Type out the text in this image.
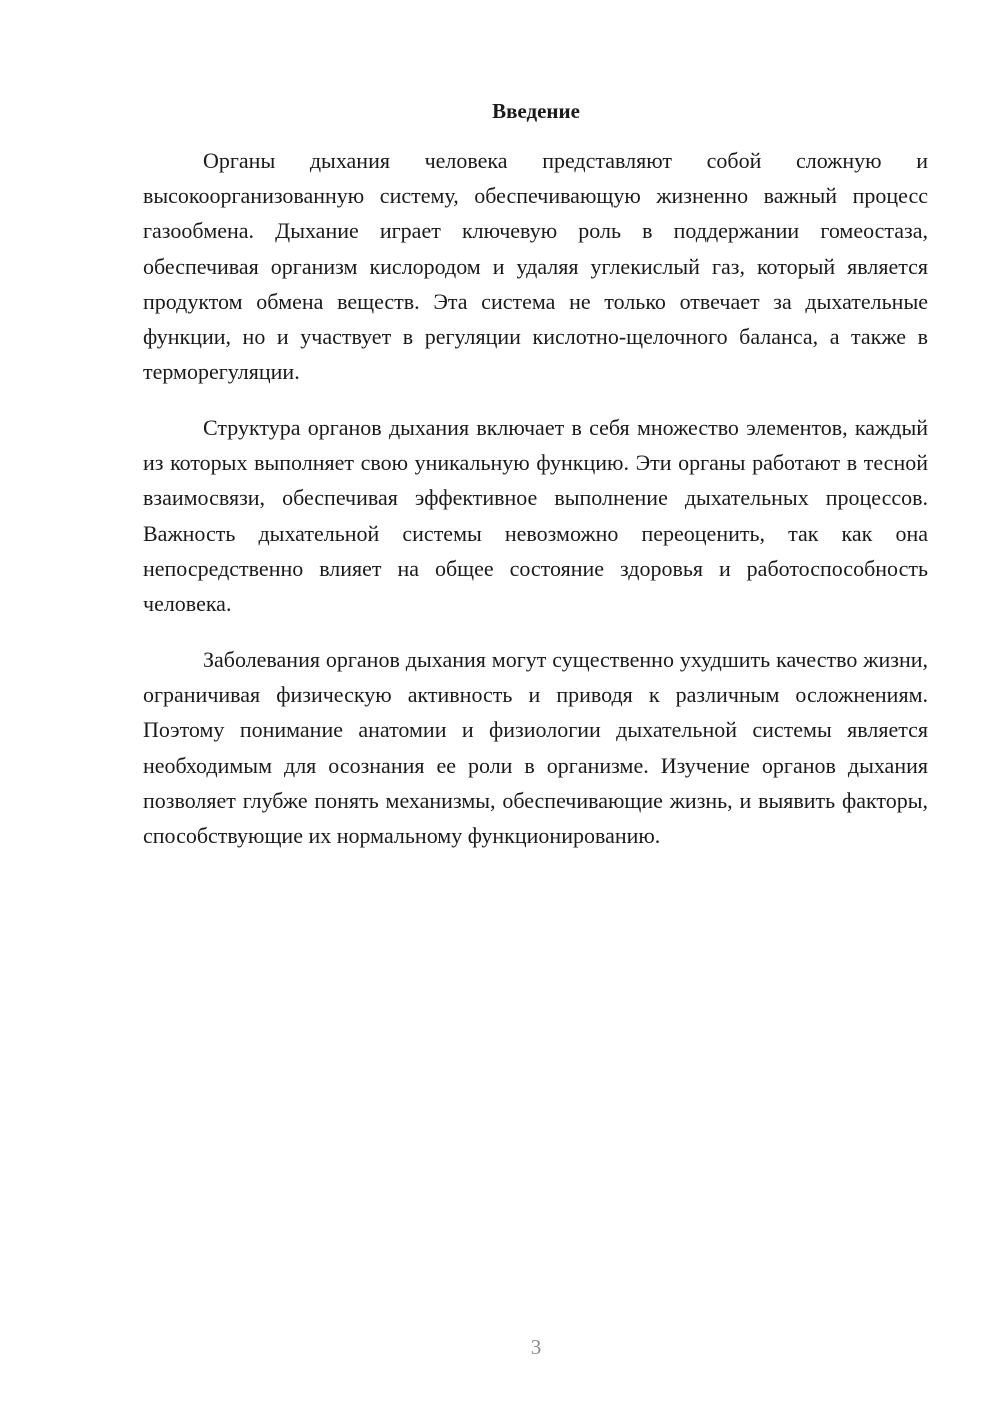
Введение

Органы дыхания человека представляют собой сложную и высокоорганизованную систему, обеспечивающую жизненно важный процесс газообмена. Дыхание играет ключевую роль в поддержании гомеостаза, обеспечивая организм кислородом и удаляя углекислый газ, который является продуктом обмена веществ. Эта система не только отвечает за дыхательные функции, но и участвует в регуляции кислотно-щелочного баланса, а также в терморегуляции.

Структура органов дыхания включает в себя множество элементов, каждый из которых выполняет свою уникальную функцию. Эти органы работают в тесной взаимосвязи, обеспечивая эффективное выполнение дыхательных процессов. Важность дыхательной системы невозможно переоценить, так как она непосредственно влияет на общее состояние здоровья и работоспособность человека.

Заболевания органов дыхания могут существенно ухудшить качество жизни, ограничивая физическую активность и приводя к различным осложнениям. Поэтому понимание анатомии и физиологии дыхательной системы является необходимым для осознания ее роли в организме. Изучение органов дыхания позволяет глубже понять механизмы, обеспечивающие жизнь, и выявить факторы, способствующие их нормальному функционированию.

3
